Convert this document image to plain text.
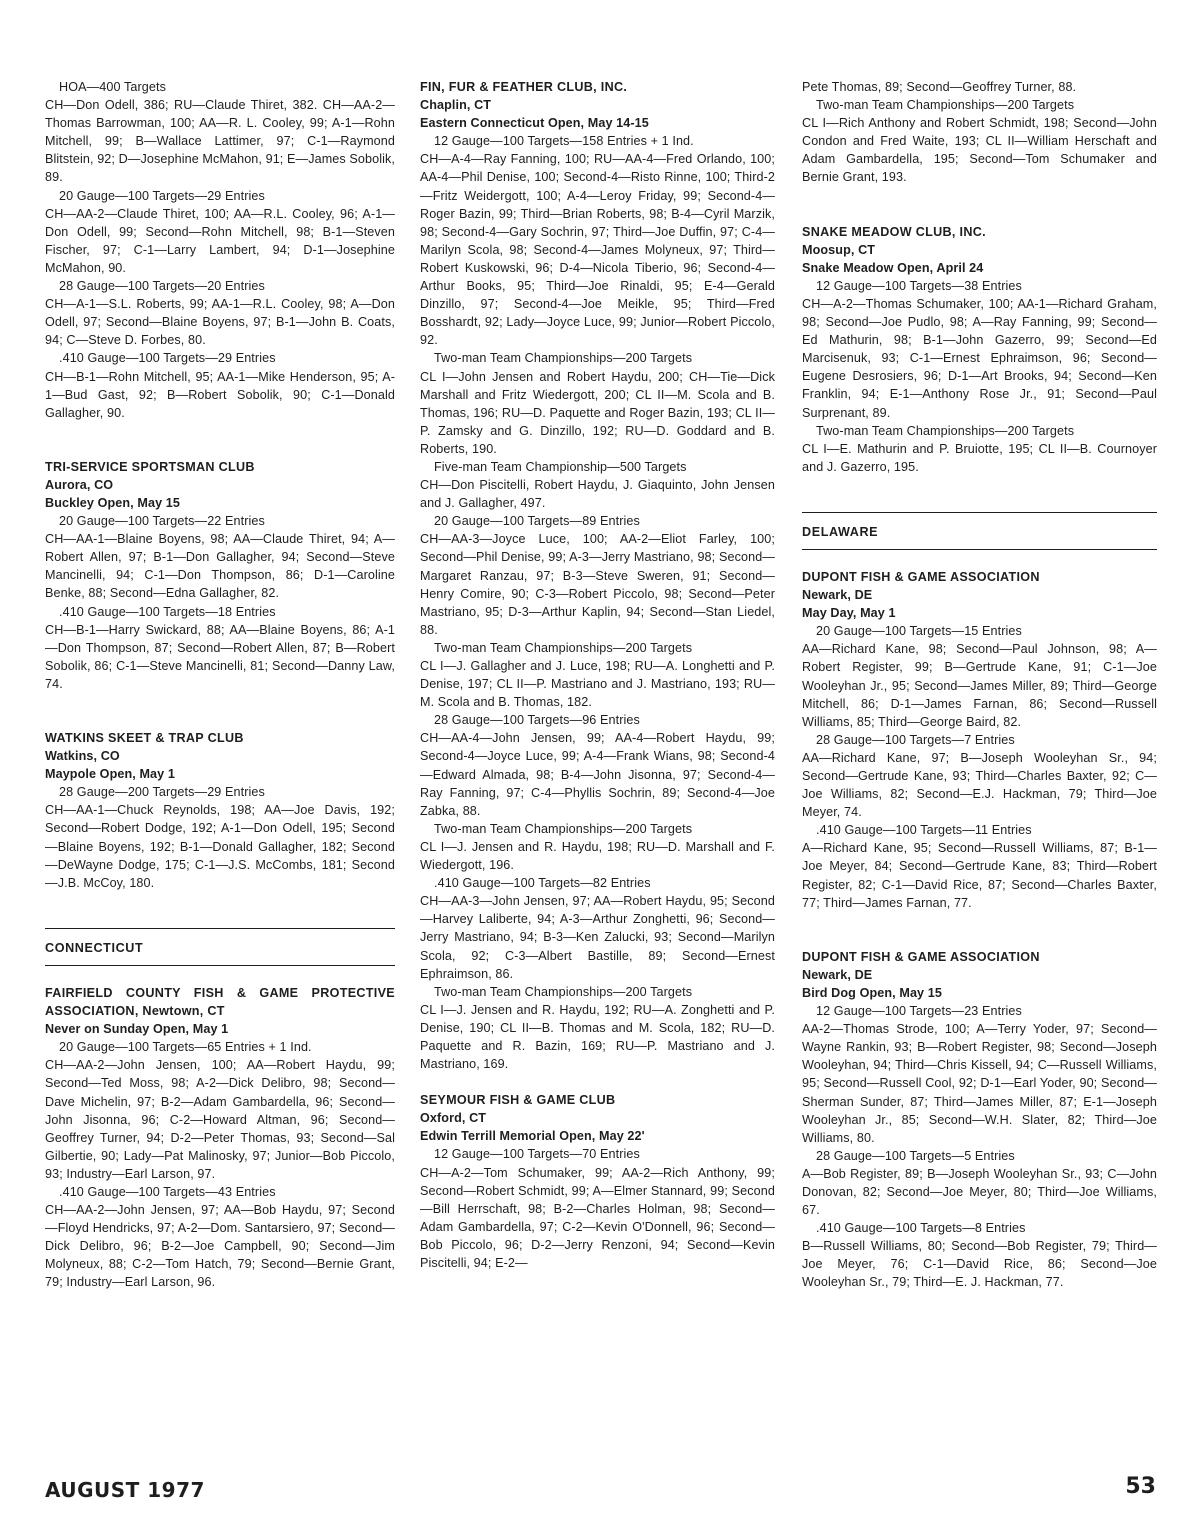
HOA—400 Targets

CH—Don Odell, 386; RU—Claude Thiret, 382. CH—AA-2—Thomas Barrowman, 100; AA—R. L. Cooley, 99; A-1—Rohn Mitchell, 99; B—Wallace Lattimer, 97; C-1—Raymond Blitstein, 92; D—Josephine McMahon, 91; E—James Sobolik, 89.

20 Gauge—100 Targets—29 Entries

CH—AA-2—Claude Thiret, 100; AA—R.L. Cooley, 96; A-1—Don Odell, 99; Second—Rohn Mitchell, 98; B-1—Steven Fischer, 97; C-1—Larry Lambert, 94; D-1—Josephine McMahon, 90.

28 Gauge—100 Targets—20 Entries

CH—A-1—S.L. Roberts, 99; AA-1—R.L. Cooley, 98; A—Don Odell, 97; Second—Blaine Boyens, 97; B-1—John B. Coats, 94; C—Steve D. Forbes, 80.

.410 Gauge—100 Targets—29 Entries

CH—B-1—Rohn Mitchell, 95; AA-1—Mike Henderson, 95; A-1—Bud Gast, 92; B—Robert Sobolik, 90; C-1—Donald Gallagher, 90.

TRI-SERVICE SPORTSMAN CLUB

Aurora, CO

Buckley Open, May 15

20 Gauge—100 Targets—22 Entries

CH—AA-1—Blaine Boyens, 98; AA—Claude Thiret, 94; A—Robert Allen, 97; B-1—Don Gallagher, 94; Second—Steve Mancinelli, 94; C-1—Don Thompson, 86; D-1—Caroline Benke, 88; Second—Edna Gallagher, 82.

.410 Gauge—100 Targets—18 Entries

CH—B-1—Harry Swickard, 88; AA—Blaine Boyens, 86; A-1—Don Thompson, 87; Second—Robert Allen, 87; B—Robert Sobolik, 86; C-1—Steve Mancinelli, 81; Second—Danny Law, 74.

WATKINS SKEET & TRAP CLUB

Watkins, CO

Maypole Open, May 1

28 Gauge—200 Targets—29 Entries

CH—AA-1—Chuck Reynolds, 198; AA—Joe Davis, 192; Second—Robert Dodge, 192; A-1—Don Odell, 195; Second—Blaine Boyens, 192; B-1—Donald Gallagher, 182; Second—DeWayne Dodge, 175; C-1—J.S. McCombs, 181; Second—J.B. McCoy, 180.

CONNECTICUT

FAIRFIELD COUNTY FISH & GAME PROTECTIVE ASSOCIATION, Newtown, CT

Never on Sunday Open, May 1

20 Gauge—100 Targets—65 Entries + 1 Ind.

CH—AA-2—John Jensen, 100; AA—Robert Haydu, 99; Second—Ted Moss, 98; A-2—Dick Delibro, 98; Second—Dave Michelin, 97; B-2—Adam Gambardella, 96; Second—John Jisonna, 96; C-2—Howard Altman, 96; Second—Geoffrey Turner, 94; D-2—Peter Thomas, 93; Second—Sal Gilbertie, 90; Lady—Pat Malinosky, 97; Junior—Bob Piccolo, 93; Industry—Earl Larson, 97.

.410 Gauge—100 Targets—43 Entries

CH—AA-2—John Jensen, 97; AA—Bob Haydu, 97; Second—Floyd Hendricks, 97; A-2—Dom. Santarsiero, 97; Second—Dick Delibro, 96; B-2—Joe Campbell, 90; Second—Jim Molyneux, 88; C-2—Tom Hatch, 79; Second—Bernie Grant, 79; Industry—Earl Larson, 96.

FIN, FUR & FEATHER CLUB, INC.

Chaplin, CT

Eastern Connecticut Open, May 14-15

12 Gauge—100 Targets—158 Entries + 1 Ind.

CH—A-4—Ray Fanning, 100; RU—AA-4—Fred Orlando, 100; AA-4—Phil Denise, 100; Second-4—Risto Rinne, 100; Third-2—Fritz Weidergott, 100; A-4—Leroy Friday, 99; Second-4—Roger Bazin, 99; Third—Brian Roberts, 98; B-4—Cyril Marzik, 98; Second-4—Gary Sochrin, 97; Third—Joe Duffin, 97; C-4—Marilyn Scola, 98; Second-4—James Molyneux, 97; Third—Robert Kuskowski, 96; D-4—Nicola Tiberio, 96; Second-4—Arthur Books, 95; Third—Joe Rinaldi, 95; E-4—Gerald Dinzillo, 97; Second-4—Joe Meikle, 95; Third—Fred Bosshardt, 92; Lady—Joyce Luce, 99; Junior—Robert Piccolo, 92.

Two-man Team Championships—200 Targets

CL I—John Jensen and Robert Haydu, 200; CH—Tie—Dick Marshall and Fritz Wiedergott, 200; CL II—M. Scola and B. Thomas, 196; RU—D. Paquette and Roger Bazin, 193; CL II—P. Zamsky and G. Dinzillo, 192; RU—D. Goddard and B. Roberts, 190.

Five-man Team Championship—500 Targets

CH—Don Piscitelli, Robert Haydu, J. Giaquinto, John Jensen and J. Gallagher, 497.

20 Gauge—100 Targets—89 Entries

CH—AA-3—Joyce Luce, 100; AA-2—Eliot Farley, 100; Second—Phil Denise, 99; A-3—Jerry Mastriano, 98; Second—Margaret Ranzau, 97; B-3—Steve Sweren, 91; Second—Henry Comire, 90; C-3—Robert Piccolo, 98; Second—Peter Mastriano, 95; D-3—Arthur Kaplin, 94; Second—Stan Liedel, 88.

Two-man Team Championships—200 Targets

CL I—J. Gallagher and J. Luce, 198; RU—A. Longhetti and P. Denise, 197; CL II—P. Mastriano and J. Mastriano, 193; RU—M. Scola and B. Thomas, 182.

28 Gauge—100 Targets—96 Entries

CH—AA-4—John Jensen, 99; AA-4—Robert Haydu, 99; Second-4—Joyce Luce, 99; A-4—Frank Wians, 98; Second-4—Edward Almada, 98; B-4—John Jisonna, 97; Second-4—Ray Fanning, 97; C-4—Phyllis Sochrin, 89; Second-4—Joe Zabka, 88.

Two-man Team Championships—200 Targets

CL I—J. Jensen and R. Haydu, 198; RU—D. Marshall and F. Wiedergott, 196.

.410 Gauge—100 Targets—82 Entries

CH—AA-3—John Jensen, 97; AA—Robert Haydu, 95; Second—Harvey Laliberte, 94; A-3—Arthur Zonghetti, 96; Second—Jerry Mastriano, 94; B-3—Ken Zalucki, 93; Second—Marilyn Scola, 92; C-3—Albert Bastille, 89; Second—Ernest Ephraimson, 86.

Two-man Team Championships—200 Targets

CL I—J. Jensen and R. Haydu, 192; RU—A. Zonghetti and P. Denise, 190; CL II—B. Thomas and M. Scola, 182; RU—D. Paquette and R. Bazin, 169; RU—P. Mastriano and J. Mastriano, 169.

SEYMOUR FISH & GAME CLUB

Oxford, CT

Edwin Terrill Memorial Open, May 22'

12 Gauge—100 Targets—70 Entries

CH—A-2—Tom Schumaker, 99; AA-2—Rich Anthony, 99; Second—Robert Schmidt, 99; A—Elmer Stannard, 99; Second—Bill Herrschaft, 98; B-2—Charles Holman, 98; Second—Adam Gambardella, 97; C-2—Kevin O'Donnell, 96; Second—Bob Piccolo, 96; D-2—Jerry Renzoni, 94; Second—Kevin Piscitelli, 94; E-2—

Pete Thomas, 89; Second—Geoffrey Turner, 88.

Two-man Team Championships—200 Targets

CL I—Rich Anthony and Robert Schmidt, 198; Second—John Condon and Fred Waite, 193; CL II—William Herschaft and Adam Gambardella, 195; Second—Tom Schumaker and Bernie Grant, 193.

SNAKE MEADOW CLUB, INC.

Moosup, CT

Snake Meadow Open, April 24

12 Gauge—100 Targets—38 Entries

CH—A-2—Thomas Schumaker, 100; AA-1—Richard Graham, 98; Second—Joe Pudlo, 98; A—Ray Fanning, 99; Second—Ed Mathurin, 98; B-1—John Gazerro, 99; Second—Ed Marcisenuk, 93; C-1—Ernest Ephraimson, 96; Second—Eugene Desrosiers, 96; D-1—Art Brooks, 94; Second—Ken Franklin, 94; E-1—Anthony Rose Jr., 91; Second—Paul Surprenant, 89.

Two-man Team Championships—200 Targets

CL I—E. Mathurin and P. Bruiotte, 195; CL II—B. Cournoyer and J. Gazerro, 195.

DELAWARE

DUPONT FISH & GAME ASSOCIATION

Newark, DE

May Day, May 1

20 Gauge—100 Targets—15 Entries

AA—Richard Kane, 98; Second—Paul Johnson, 98; A—Robert Register, 99; B—Gertrude Kane, 91; C-1—Joe Wooleyhan Jr., 95; Second—James Miller, 89; Third—George Mitchell, 86; D-1—James Farnan, 86; Second—Russell Williams, 85; Third—George Baird, 82.

28 Gauge—100 Targets—7 Entries

AA—Richard Kane, 97; B—Joseph Wooleyhan Sr., 94; Second—Gertrude Kane, 93; Third—Charles Baxter, 92; C—Joe Williams, 82; Second—E.J. Hackman, 79; Third—Joe Meyer, 74.

.410 Gauge—100 Targets—11 Entries

A—Richard Kane, 95; Second—Russell Williams, 87; B-1—Joe Meyer, 84; Second—Gertrude Kane, 83; Third—Robert Register, 82; C-1—David Rice, 87; Second—Charles Baxter, 77; Third—James Farnan, 77.

DUPONT FISH & GAME ASSOCIATION

Newark, DE

Bird Dog Open, May 15

12 Gauge—100 Targets—23 Entries

AA-2—Thomas Strode, 100; A—Terry Yoder, 97; Second—Wayne Rankin, 93; B—Robert Register, 98; Second—Joseph Wooleyhan, 94; Third—Chris Kissell, 94; C—Russell Williams, 95; Second—Russell Cool, 92; D-1—Earl Yoder, 90; Second—Sherman Sunder, 87; Third—James Miller, 87; E-1—Joseph Wooleyhan Jr., 85; Second—W.H. Slater, 82; Third—Joe Williams, 80.

28 Gauge—100 Targets—5 Entries

A—Bob Register, 89; B—Joseph Wooleyhan Sr., 93; C—John Donovan, 82; Second—Joe Meyer, 80; Third—Joe Williams, 67.

.410 Gauge—100 Targets—8 Entries

B—Russell Williams, 80; Second—Bob Register, 79; Third—Joe Meyer, 76; C-1—David Rice, 86; Second—Joe Wooleyhan Sr., 79; Third—E. J. Hackman, 77.

AUGUST 1977	53
